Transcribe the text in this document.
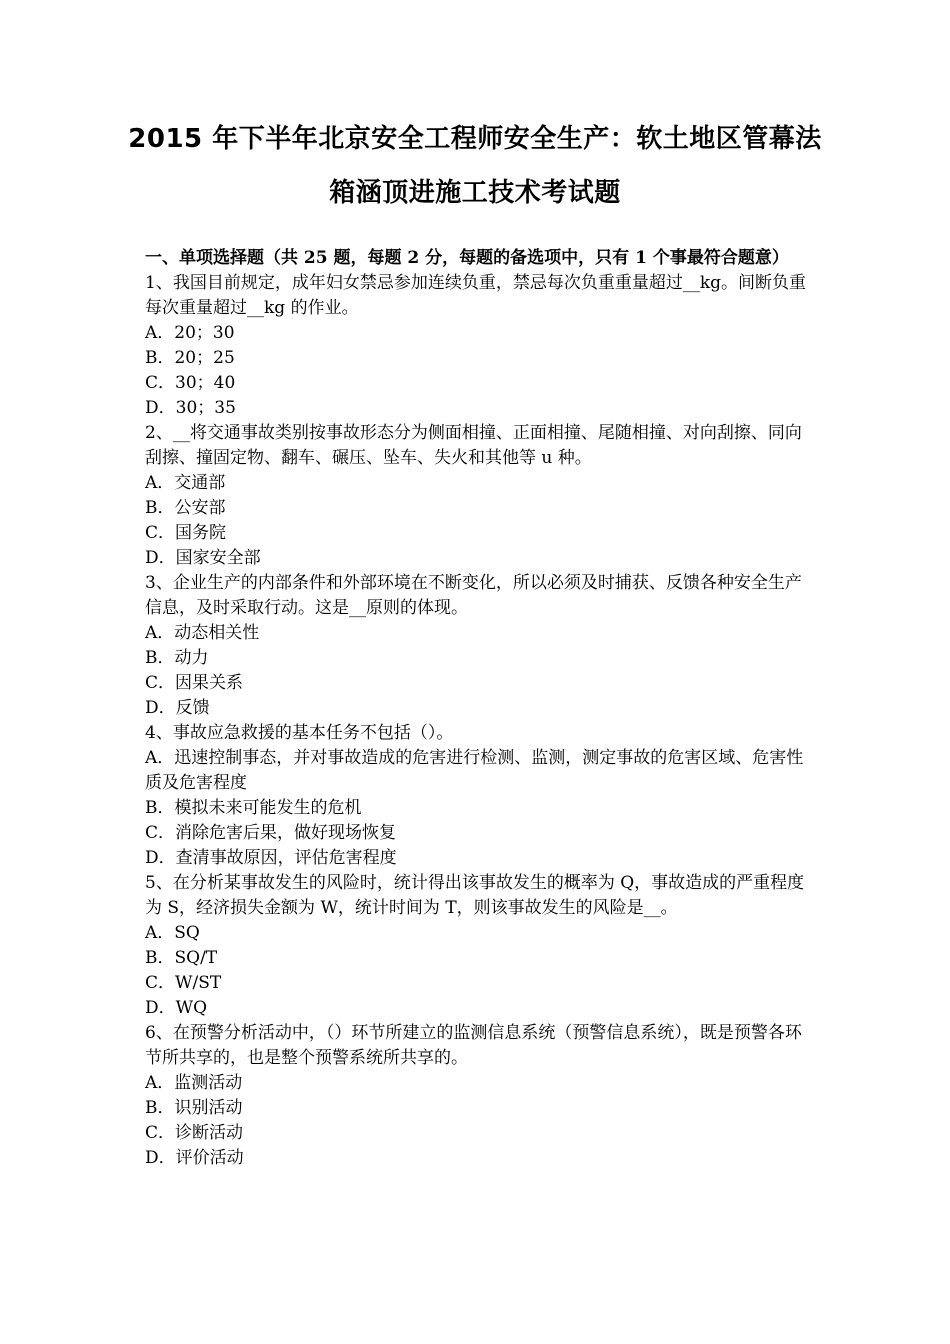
2015 年下半年北京安全工程师安全生产：软土地区管幕法
箱涵顶进施工技术考试题

一、单项选择题（共 25 题，每题 2 分，每题的备选项中，只有 1 个事最符合题意）

1、我国目前规定，成年妇女禁忌参加连续负重，禁忌每次负重重量超过__kg。间断负重每次重量超过__kg 的作业。

A．20；30

B．20；25

C．30；40

D．30；35

2、__将交通事故类别按事故形态分为侧面相撞、正面相撞、尾随相撞、对向刮擦、同向刮擦、撞固定物、翻车、碾压、坠车、失火和其他等 u 种。

A．交通部

B．公安部

C．国务院

D．国家安全部

3、企业生产的内部条件和外部环境在不断变化，所以必须及时捕获、反馈各种安全生产信息，及时采取行动。这是__原则的体现。

A．动态相关性

B．动力

C．因果关系

D．反馈

4、事故应急救援的基本任务不包括（）。

A．迅速控制事态，并对事故造成的危害进行检测、监测，测定事故的危害区域、危害性质及危害程度

B．模拟未来可能发生的危机

C．消除危害后果，做好现场恢复

D．查清事故原因，评估危害程度

5、在分析某事故发生的风险时，统计得出该事故发生的概率为 Q，事故造成的严重程度为 S，经济损失金额为 W，统计时间为 T，则该事故发生的风险是__。

A．SQ

B．SQ/T

C．W/ST

D．WQ

6、在预警分析活动中，（）环节所建立的监测信息系统（预警信息系统），既是预警各环节所共享的，也是整个预警系统所共享的。

A．监测活动

B．识别活动

C．诊断活动

D．评价活动
